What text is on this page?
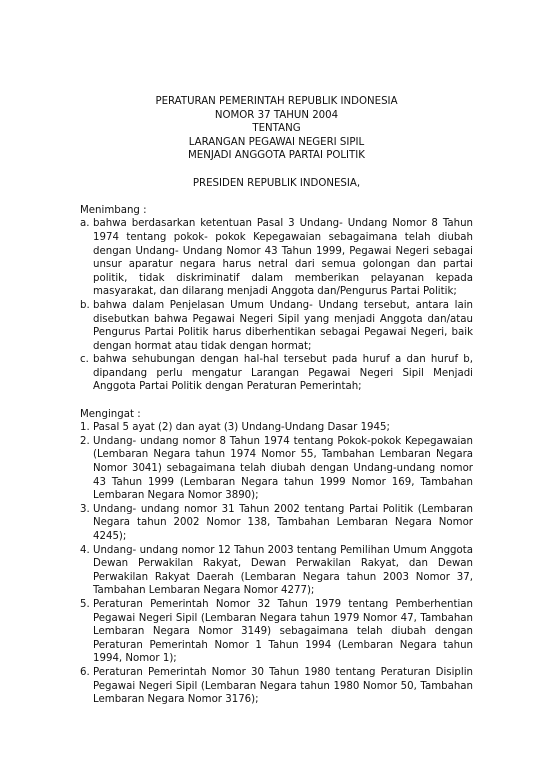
PERATURAN PEMERINTAH REPUBLIK INDONESIA
NOMOR 37 TAHUN 2004
TENTANG
LARANGAN PEGAWAI NEGERI SIPIL
MENJADI ANGGOTA PARTAI POLITIK
PRESIDEN REPUBLIK INDONESIA,
Menimbang :
a. bahwa berdasarkan ketentuan Pasal 3 Undang- Undang Nomor 8 Tahun 1974 tentang pokok- pokok Kepegawaian sebagaimana telah diubah dengan Undang- Undang Nomor 43 Tahun 1999, Pegawai Negeri sebagai unsur aparatur negara harus netral dari semua golongan dan partai politik, tidak diskriminatif dalam memberikan pelayanan kepada masyarakat, dan dilarang menjadi Anggota dan/Pengurus Partai Politik;
b. bahwa dalam Penjelasan Umum Undang- Undang tersebut, antara lain disebutkan bahwa Pegawai Negeri Sipil yang menjadi Anggota dan/atau Pengurus Partai Politik harus diberhentikan sebagai Pegawai Negeri, baik dengan hormat atau tidak dengan hormat;
c. bahwa sehubungan dengan hal-hal tersebut pada huruf a dan huruf b, dipandang perlu mengatur Larangan Pegawai Negeri Sipil Menjadi Anggota Partai Politik dengan Peraturan Pemerintah;
Mengingat :
1. Pasal 5 ayat (2) dan ayat (3) Undang-Undang Dasar 1945;
2. Undang- undang nomor 8 Tahun 1974 tentang Pokok-pokok Kepegawaian (Lembaran Negara tahun 1974 Nomor 55, Tambahan Lembaran Negara Nomor 3041) sebagaimana telah diubah dengan Undang-undang nomor 43 Tahun 1999 (Lembaran Negara tahun 1999 Nomor 169, Tambahan Lembaran Negara Nomor 3890);
3. Undang- undang nomor 31 Tahun 2002 tentang Partai Politik (Lembaran Negara tahun 2002 Nomor 138, Tambahan Lembaran Negara Nomor 4245);
4. Undang- undang nomor 12 Tahun 2003 tentang Pemilihan Umum Anggota Dewan Perwakilan Rakyat, Dewan Perwakilan Rakyat, dan Dewan Perwakilan Rakyat Daerah (Lembaran Negara tahun 2003 Nomor 37, Tambahan Lembaran Negara Nomor 4277);
5. Peraturan Pemerintah Nomor 32 Tahun 1979 tentang Pemberhentian Pegawai Negeri Sipil (Lembaran Negara tahun 1979 Nomor 47, Tambahan Lembaran Negara Nomor 3149) sebagaimana telah diubah dengan Peraturan Pemerintah Nomor 1 Tahun 1994 (Lembaran Negara tahun 1994, Nomor 1);
6. Peraturan Pemerintah Nomor 30 Tahun 1980 tentang Peraturan Disiplin Pegawai Negeri Sipil (Lembaran Negara tahun 1980 Nomor 50, Tambahan Lembaran Negara Nomor 3176);
